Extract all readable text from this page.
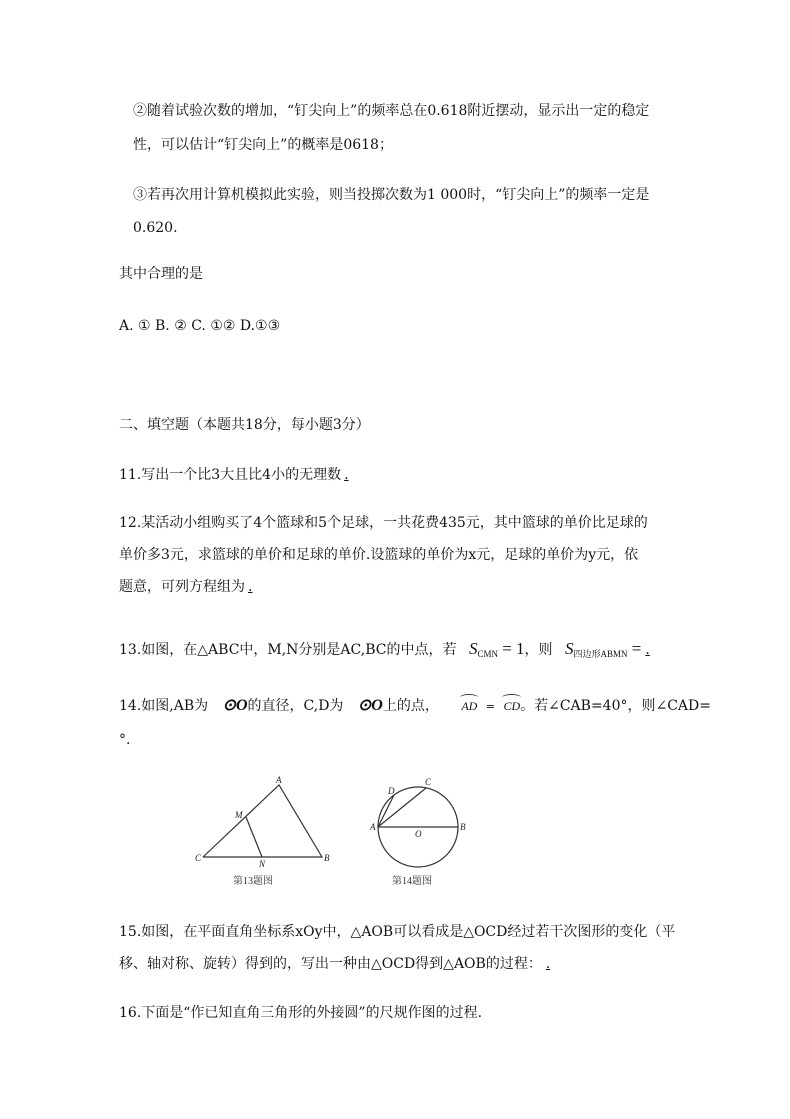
②随着试验次数的增加，“钉尖向上”的频率总在0.618附近摆动，显示出一定的稳定
性，可以估计“钉尖向上”的概率是0618；
③若再次用计算机模拟此实验，则当投掷次数为1 000时，“钉尖向上”的频率一定是
0.620.
其中合理的是
A. ① B. ② C. ①② D.①③
二、填空题（本题共18分，每小题3分）
11.写出一个比3大且比4小的无理数 .
12.某活动小组购买了4个篮球和5个足球，一共花费435元，其中篮球的单价比足球的
单价多3元，求篮球的单价和足球的单价.设篮球的单价为x元，足球的单价为y元，依
题意，可列方程组为 .
13.如图，在△ABC中，M,N分别是AC,BC的中点，若 $S_{CMN} = 1$，则 $S_{四边形ABMN}$ = .
14.如图,AB为 ⊙O的直径，C,D为 ⊙O上的点， AD = CD。若∠CAB=40°，则∠CAD=
°.
A
M
C
N
B
第13题图
C
D
A
O
B
第14题图
15.如图，在平面直角坐标系xOy中，△AOB可以看成是△OCD经过若干次图形的变化（平
移、轴对称、旋转）得到的，写出一种由△OCD得到△AOB的过程： .
16.下面是“作已知直角三角形的外接圆”的尺规作图的过程.
